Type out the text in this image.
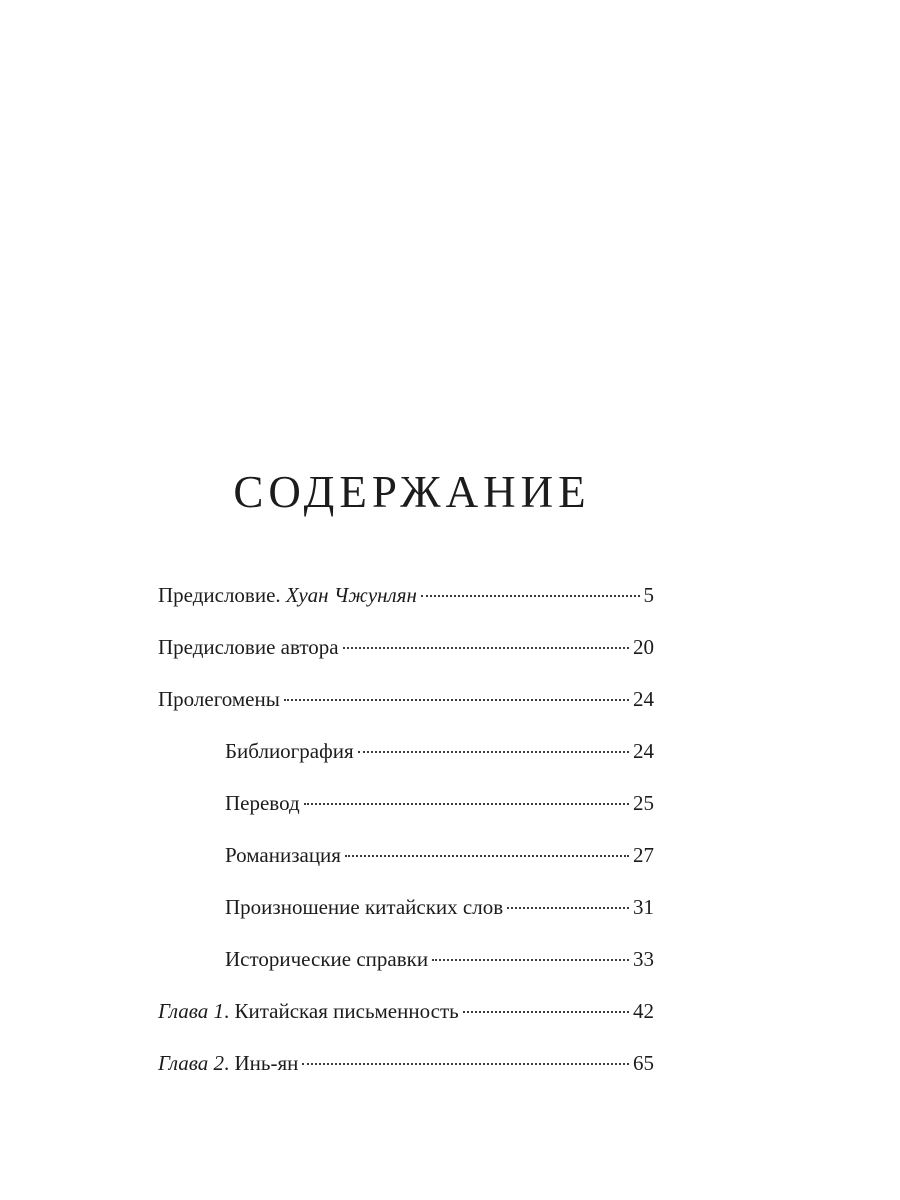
СОДЕРЖАНИЕ
Предисловие. Хуан Чжунлян	5
Предисловие автора	20
Пролегомены	24
Библиография	24
Перевод	25
Романизация	27
Произношение китайских слов	31
Исторические справки	33
Глава 1. Китайская письменность	42
Глава 2. Инь-ян	65
